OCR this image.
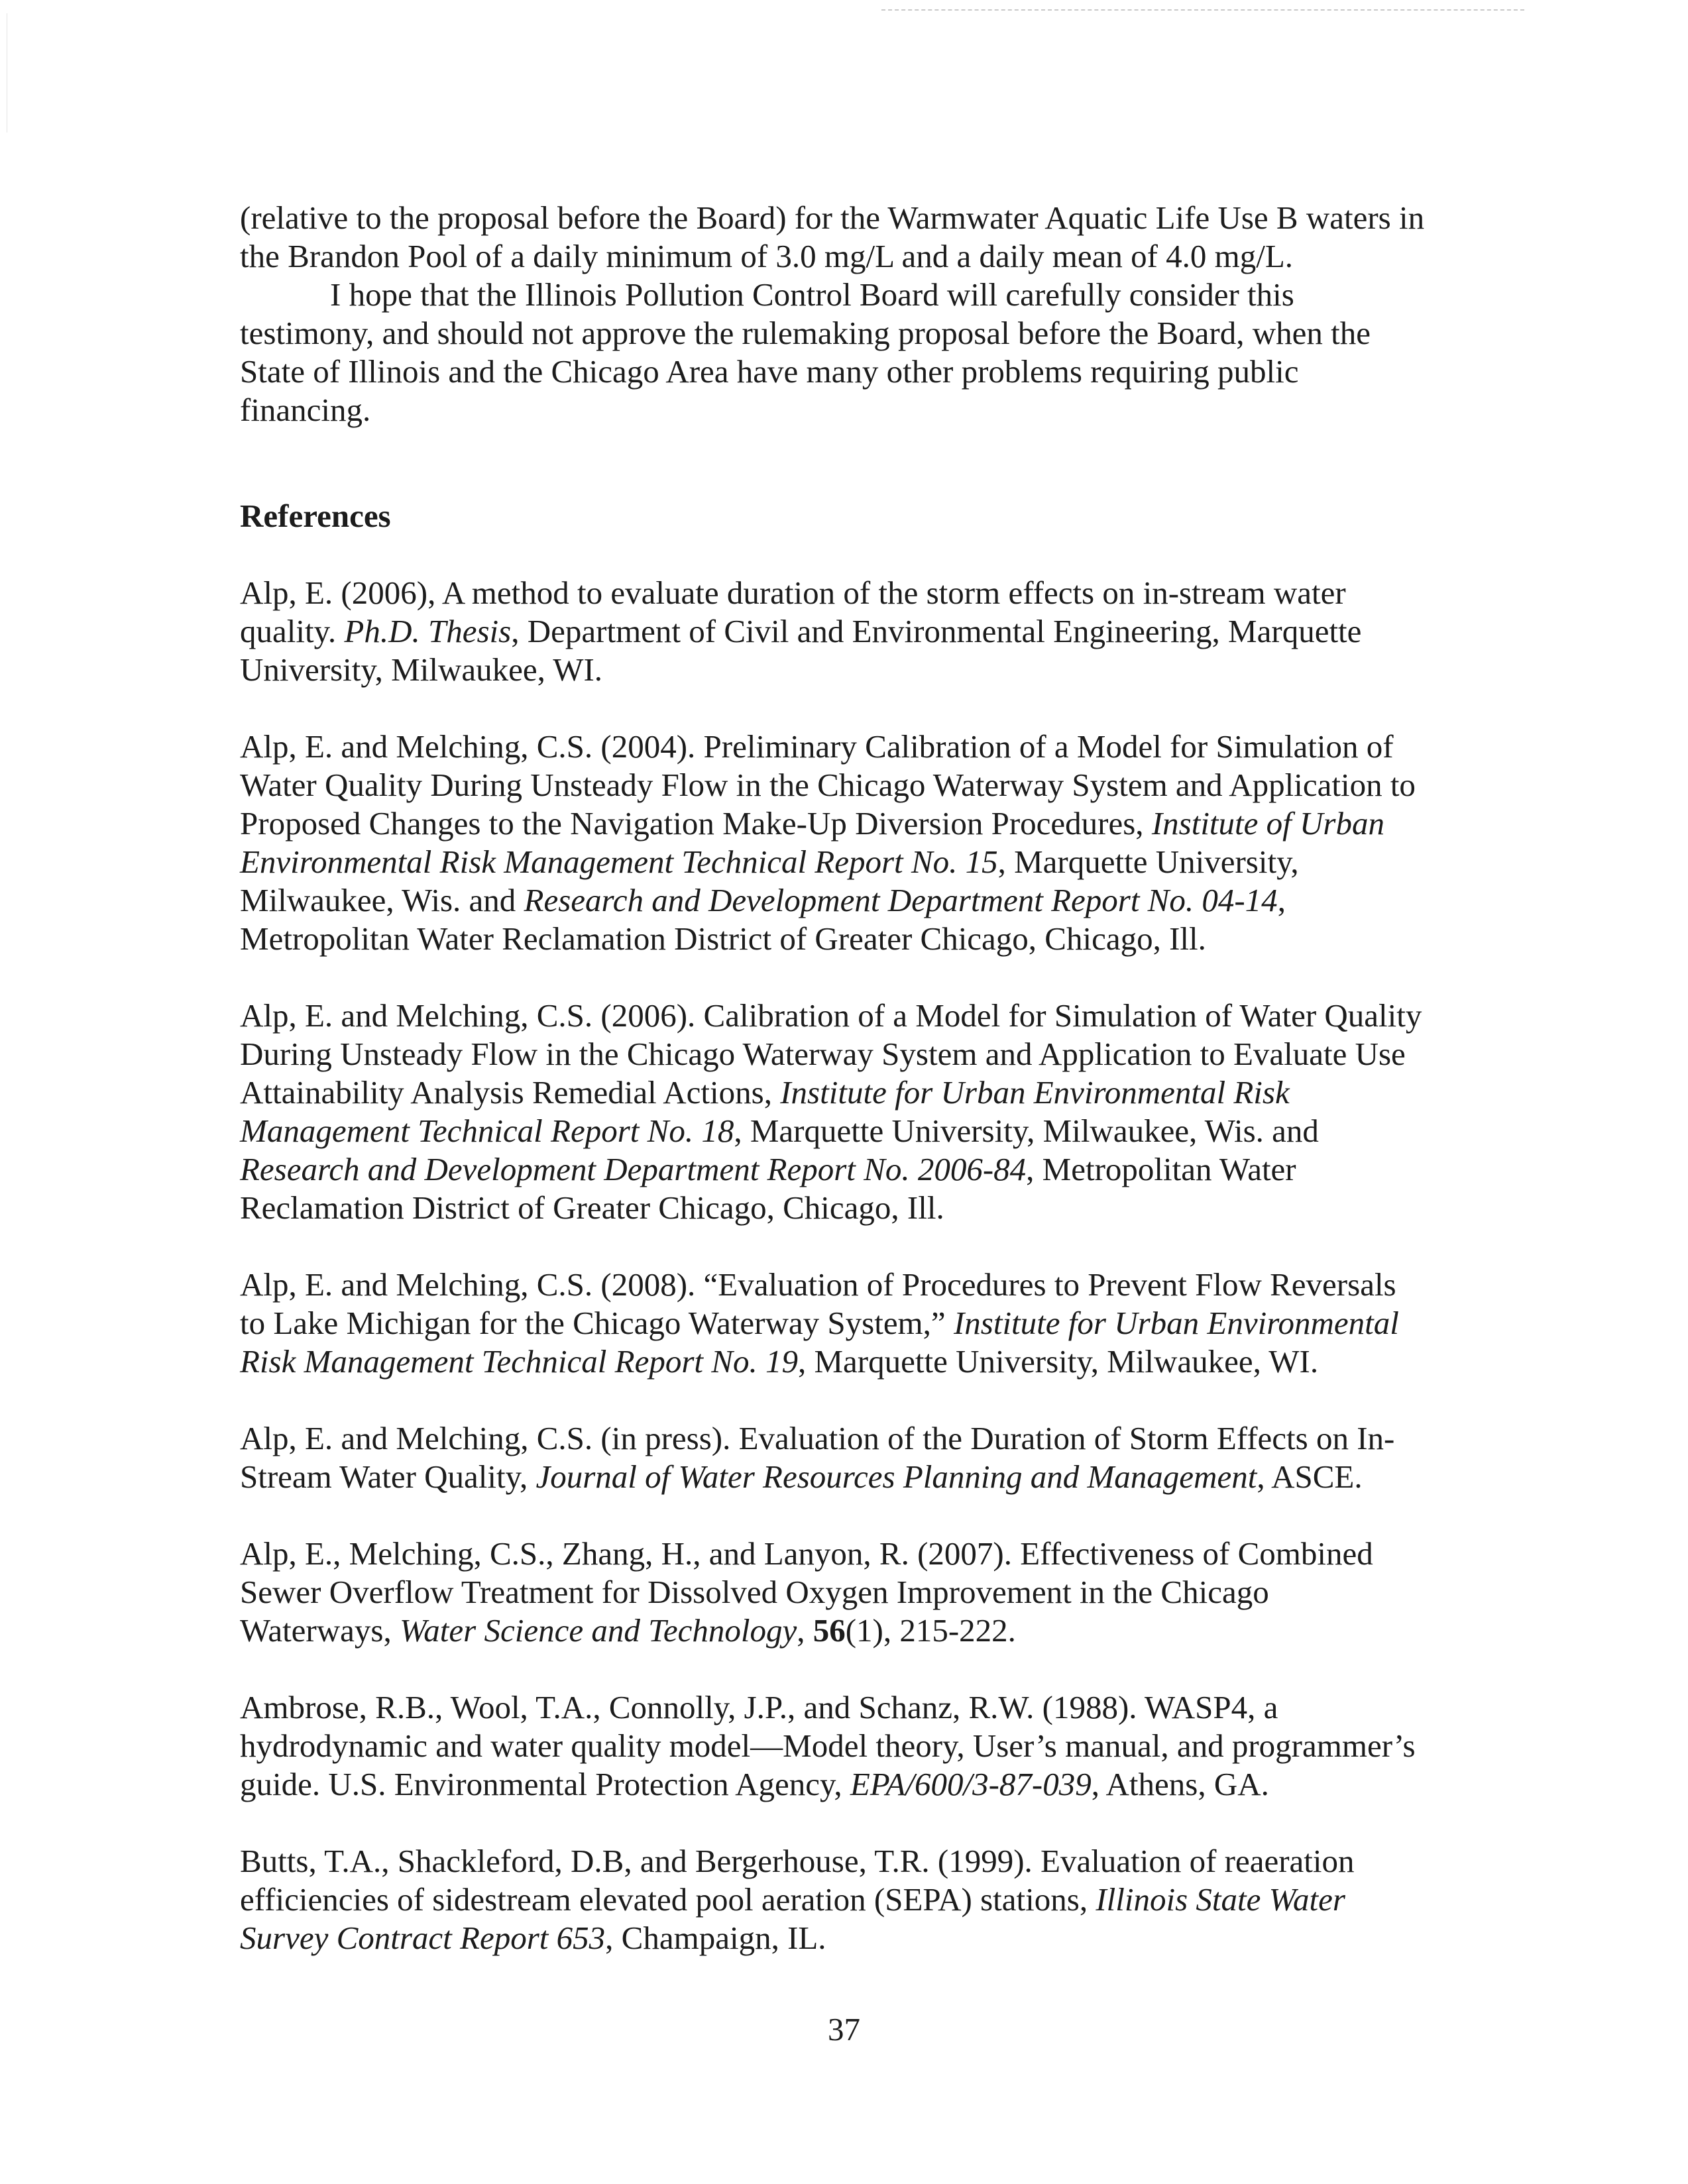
(relative to the proposal before the Board) for the Warmwater Aquatic Life Use B waters in the Brandon Pool of a daily minimum of 3.0 mg/L and a daily mean of 4.0 mg/L.

I hope that the Illinois Pollution Control Board will carefully consider this testimony, and should not approve the rulemaking proposal before the Board, when the State of Illinois and the Chicago Area have many other problems requiring public financing.

References

Alp, E. (2006), A method to evaluate duration of the storm effects on in-stream water quality. Ph.D. Thesis, Department of Civil and Environmental Engineering, Marquette University, Milwaukee, WI.

Alp, E. and Melching, C.S. (2004). Preliminary Calibration of a Model for Simulation of Water Quality During Unsteady Flow in the Chicago Waterway System and Application to Proposed Changes to the Navigation Make-Up Diversion Procedures, Institute of Urban Environmental Risk Management Technical Report No. 15, Marquette University, Milwaukee, Wis. and Research and Development Department Report No. 04-14, Metropolitan Water Reclamation District of Greater Chicago, Chicago, Ill.

Alp, E. and Melching, C.S. (2006). Calibration of a Model for Simulation of Water Quality During Unsteady Flow in the Chicago Waterway System and Application to Evaluate Use Attainability Analysis Remedial Actions, Institute for Urban Environmental Risk Management Technical Report No. 18, Marquette University, Milwaukee, Wis. and Research and Development Department Report No. 2006-84, Metropolitan Water Reclamation District of Greater Chicago, Chicago, Ill.

Alp, E. and Melching, C.S. (2008). “Evaluation of Procedures to Prevent Flow Reversals to Lake Michigan for the Chicago Waterway System,” Institute for Urban Environmental Risk Management Technical Report No. 19, Marquette University, Milwaukee, WI.

Alp, E. and Melching, C.S. (in press). Evaluation of the Duration of Storm Effects on In-Stream Water Quality, Journal of Water Resources Planning and Management, ASCE.

Alp, E., Melching, C.S., Zhang, H., and Lanyon, R. (2007). Effectiveness of Combined Sewer Overflow Treatment for Dissolved Oxygen Improvement in the Chicago Waterways, Water Science and Technology, 56(1), 215-222.

Ambrose, R.B., Wool, T.A., Connolly, J.P., and Schanz, R.W. (1988). WASP4, a hydrodynamic and water quality model—Model theory, User’s manual, and programmer’s guide. U.S. Environmental Protection Agency, EPA/600/3-87-039, Athens, GA.

Butts, T.A., Shackleford, D.B, and Bergerhouse, T.R. (1999). Evaluation of reaeration efficiencies of sidestream elevated pool aeration (SEPA) stations, Illinois State Water Survey Contract Report 653, Champaign, IL.

37
